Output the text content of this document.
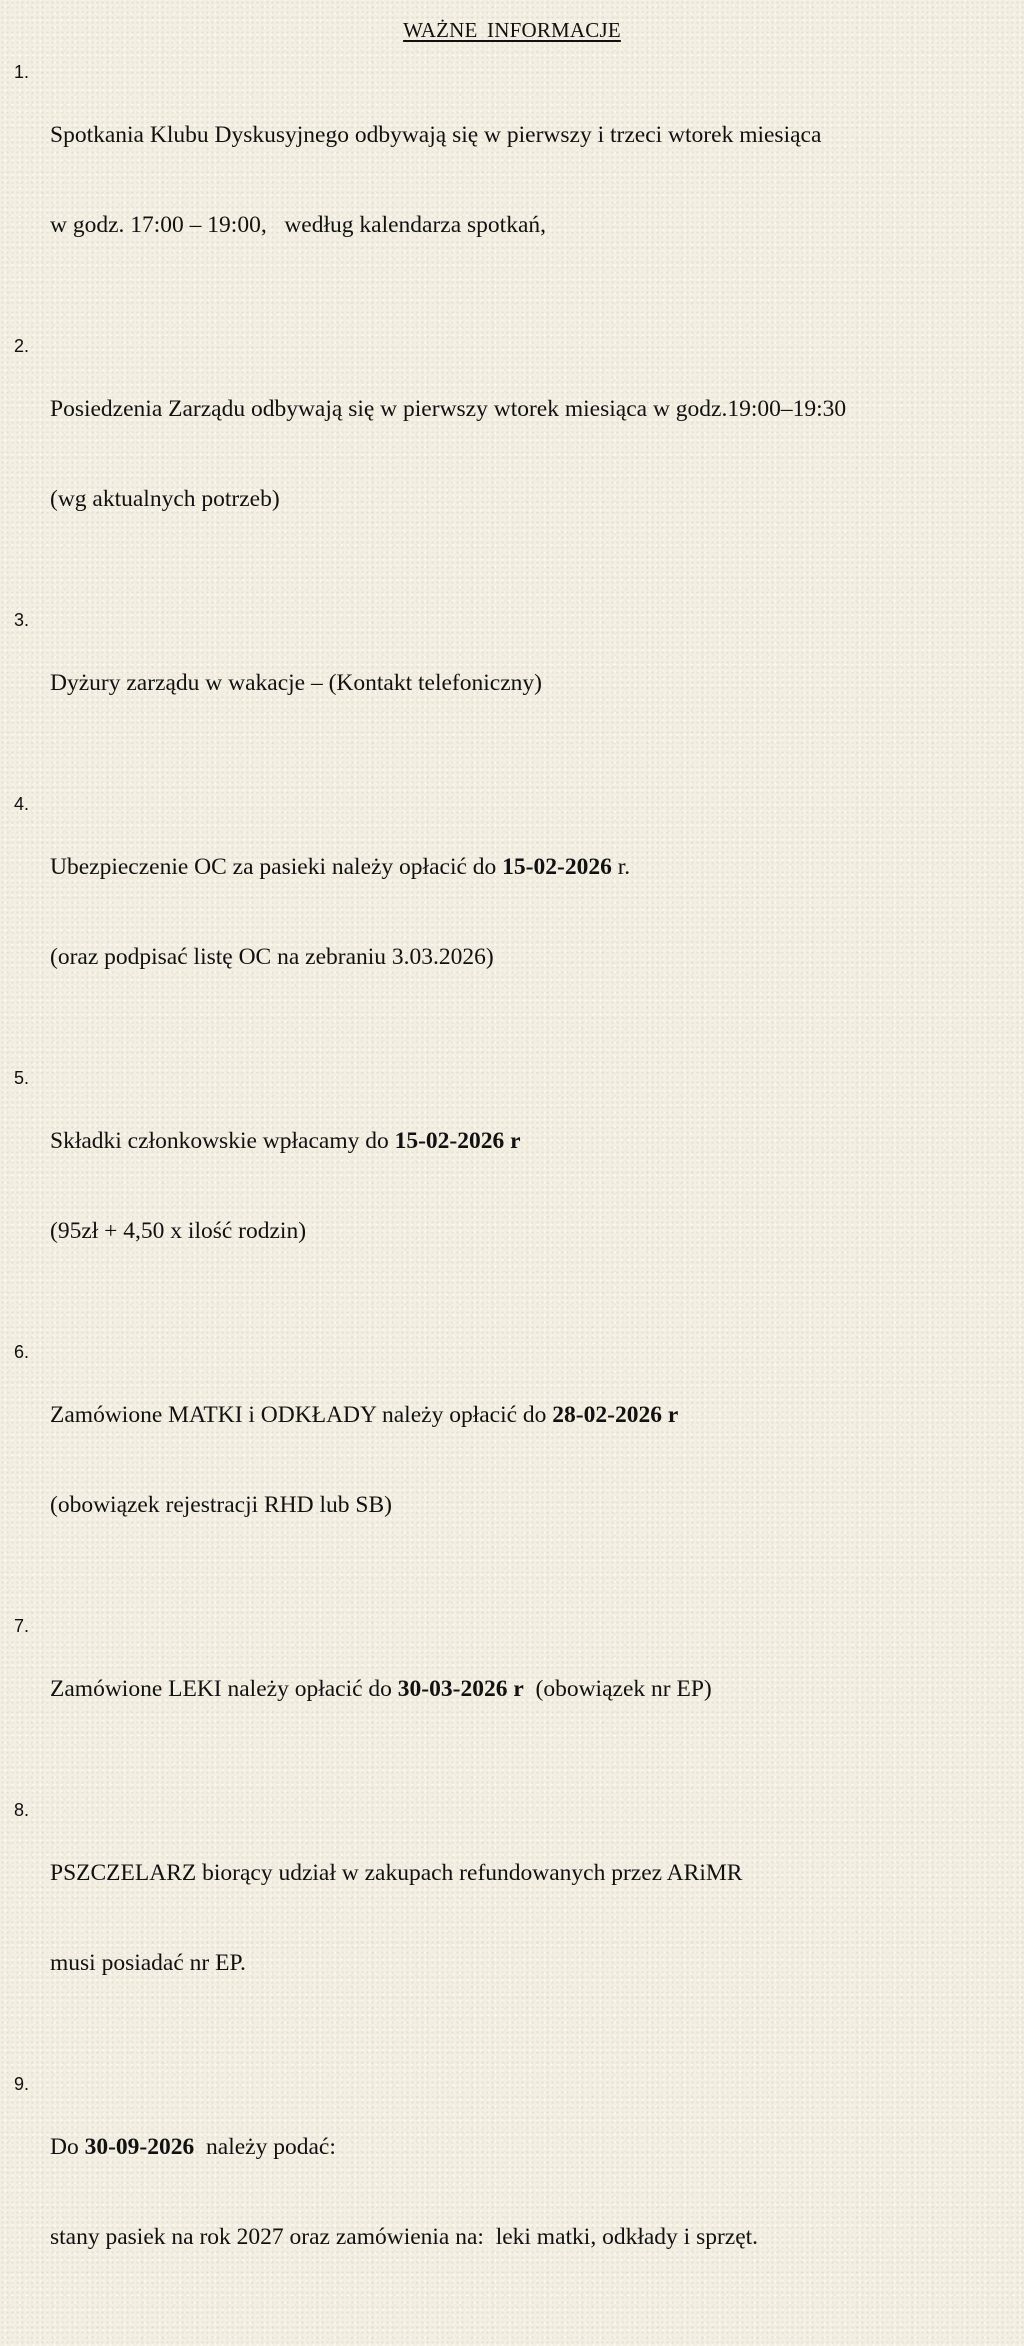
WAŻNE INFORMACJE
1.

Spotkania Klubu Dyskusyjnego odbywają się w pierwszy i trzeci wtorek miesiąca

w godz. 17:00 – 19:00,   według kalendarza spotkań,

2.

Posiedzenia Zarządu odbywają się w pierwszy wtorek miesiąca w godz.19:00–19:30

(wg aktualnych potrzeb)

3.

Dyżury zarządu w wakacje – (Kontakt telefoniczny)

4.

Ubezpieczenie OC za pasieki należy opłacić do 15-02-2026 r.

(oraz podpisać listę OC na zebraniu 3.03.2026)

5.

Składki członkowskie wpłacamy do 15-02-2026 r

(95zł + 4,50 x ilość rodzin)

6.

Zamówione MATKI i ODKŁADY należy opłacić do 28-02-2026 r

(obowiązek rejestracji RHD lub SB)

7.

Zamówione LEKI należy opłacić do 30-03-2026 r  (obowiązek nr EP)

8.

PSZCZELARZ biorący udział w zakupach refundowanych przez ARiMR

musi posiadać nr EP.

9.

Do 30-09-2026  należy podać:

stany pasiek na rok 2027 oraz zamówienia na:  leki matki, odkłady i sprzęt.
